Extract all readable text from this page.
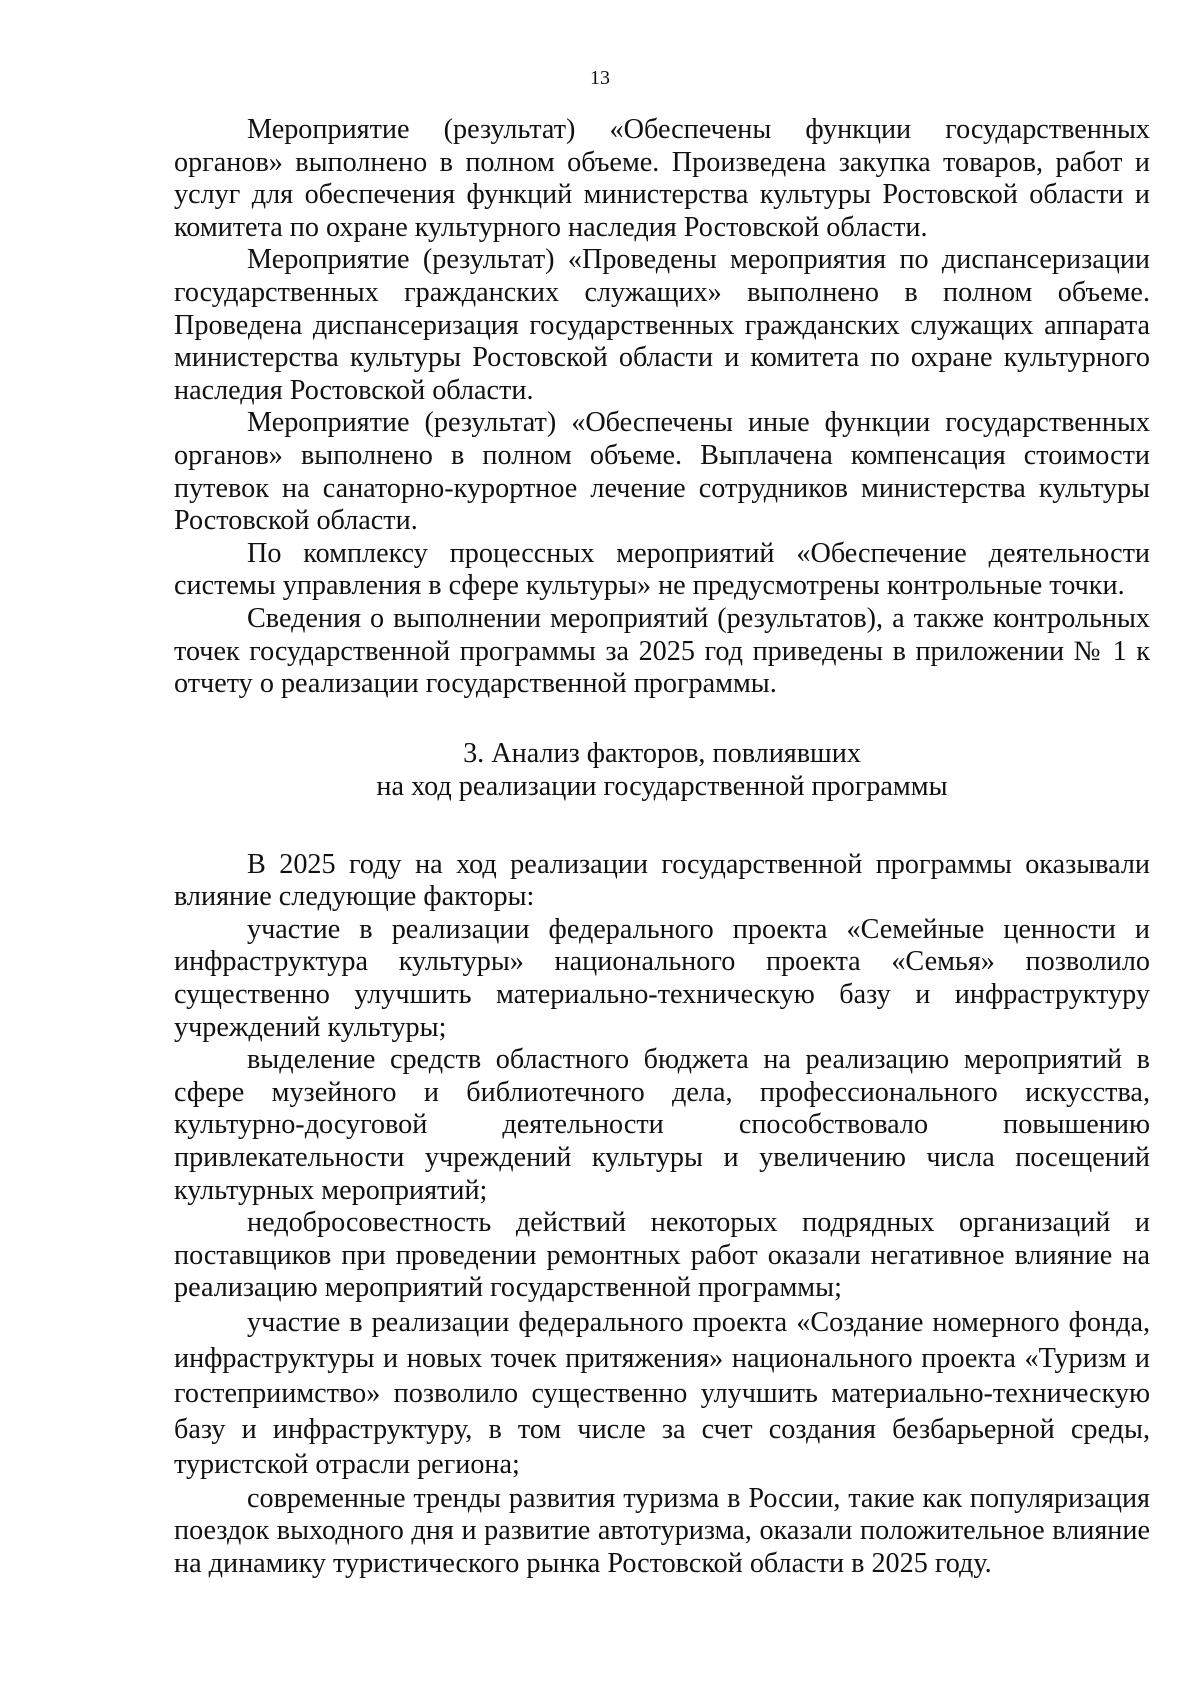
13

Мероприятие (результат) «Обеспечены функции государственных органов» выполнено в полном объеме. Произведена закупка товаров, работ и услуг для обеспечения функций министерства культуры Ростовской области и комитета по охране культурного наследия Ростовской области.

Мероприятие (результат) «Проведены мероприятия по диспансеризации государственных гражданских служащих» выполнено в полном объеме. Проведена диспансеризация государственных гражданских служащих аппарата министерства культуры Ростовской области и комитета по охране культурного наследия Ростовской области.

Мероприятие (результат) «Обеспечены иные функции государственных органов» выполнено в полном объеме. Выплачена компенсация стоимости путевок на санаторно-курортное лечение сотрудников министерства культуры Ростовской области.

По комплексу процессных мероприятий «Обеспечение деятельности системы управления в сфере культуры» не предусмотрены контрольные точки.

Сведения о выполнении мероприятий (результатов), а также контрольных точек государственной программы за 2025 год приведены в приложении № 1 к отчету о реализации государственной программы.

3. Анализ факторов, повлиявших
на ход реализации государственной программы

В 2025 году на ход реализации государственной программы оказывали влияние следующие факторы:

участие в реализации федерального проекта «Семейные ценности и инфраструктура культуры» национального проекта «Семья» позволило существенно улучшить материально-техническую базу и инфраструктуру учреждений культуры;

выделение средств областного бюджета на реализацию мероприятий в сфере музейного и библиотечного дела, профессионального искусства, культурно-досуговой деятельности способствовало повышению привлекательности учреждений культуры и увеличению числа посещений культурных мероприятий;

недобросовестность действий некоторых подрядных организаций и поставщиков при проведении ремонтных работ оказали негативное влияние на реализацию мероприятий государственной программы;

участие в реализации федерального проекта «Создание номерного фонда, инфраструктуры и новых точек притяжения» национального проекта «Туризм и гостеприимство» позволило существенно улучшить материально-техническую базу и инфраструктуру, в том числе за счет создания безбарьерной среды, туристской отрасли региона;

современные тренды развития туризма в России, такие как популяризация поездок выходного дня и развитие автотуризма, оказали положительное влияние на динамику туристического рынка Ростовской области в 2025 году.
